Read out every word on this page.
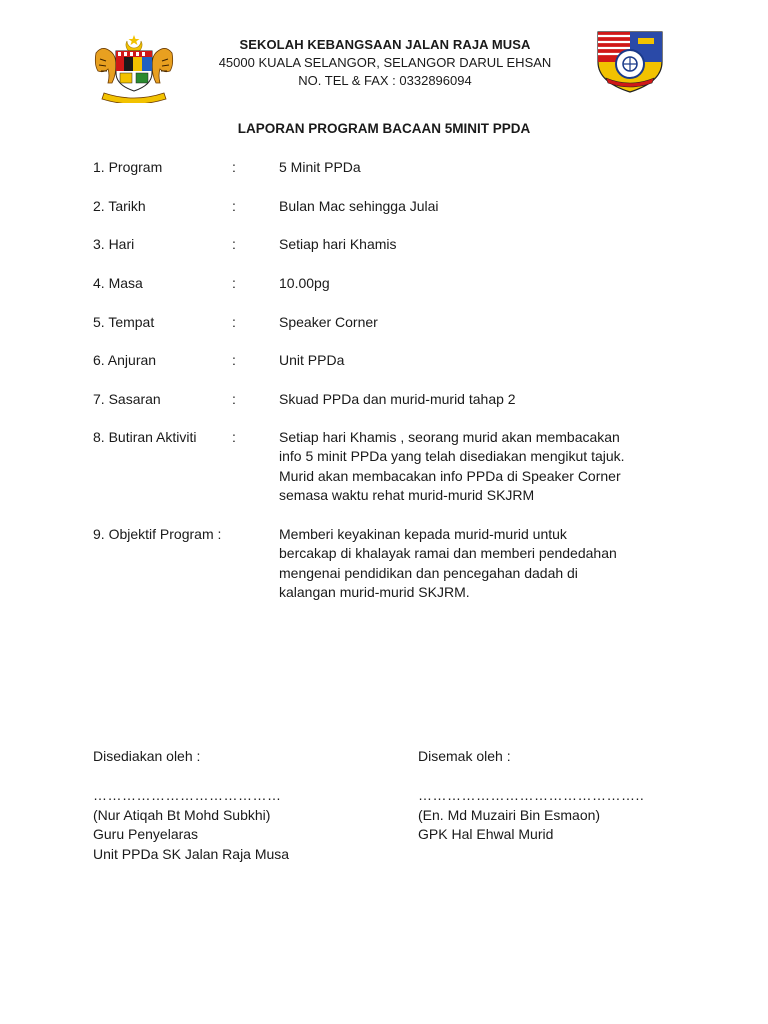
SEKOLAH KEBANGSAAN JALAN RAJA MUSA
45000 KUALA SELANGOR, SELANGOR DARUL EHSAN
NO. TEL & FAX : 0332896094
LAPORAN PROGRAM BACAAN 5MINIT PPDA
1. Program	:	5 Minit PPDa
2. Tarikh	:	Bulan Mac sehingga Julai
3. Hari	:	Setiap hari Khamis
4. Masa	:	10.00pg
5. Tempat	:	Speaker Corner
6. Anjuran	:	Unit PPDa
7. Sasaran	:	Skuad PPDa dan murid-murid tahap 2
8. Butiran Aktiviti	:	Setiap hari Khamis , seorang murid akan membacakan
info 5 minit PPDa yang telah disediakan mengikut tajuk.
Murid akan membacakan info PPDa di Speaker Corner
semasa waktu rehat murid-murid SKJRM
9. Objektif Program :	Memberi keyakinan kepada murid-murid untuk
bercakap di khalayak ramai dan memberi pendedahan
mengenai pendidikan dan pencegahan dadah di
kalangan murid-murid SKJRM.
Disediakan oleh :
…………………………………
(Nur Atiqah Bt Mohd Subkhi)
Guru Penyelaras
Unit PPDa SK Jalan Raja Musa
Disemak oleh :
………………………………………..
(En. Md Muzairi Bin Esmaon)
GPK Hal Ehwal Murid
